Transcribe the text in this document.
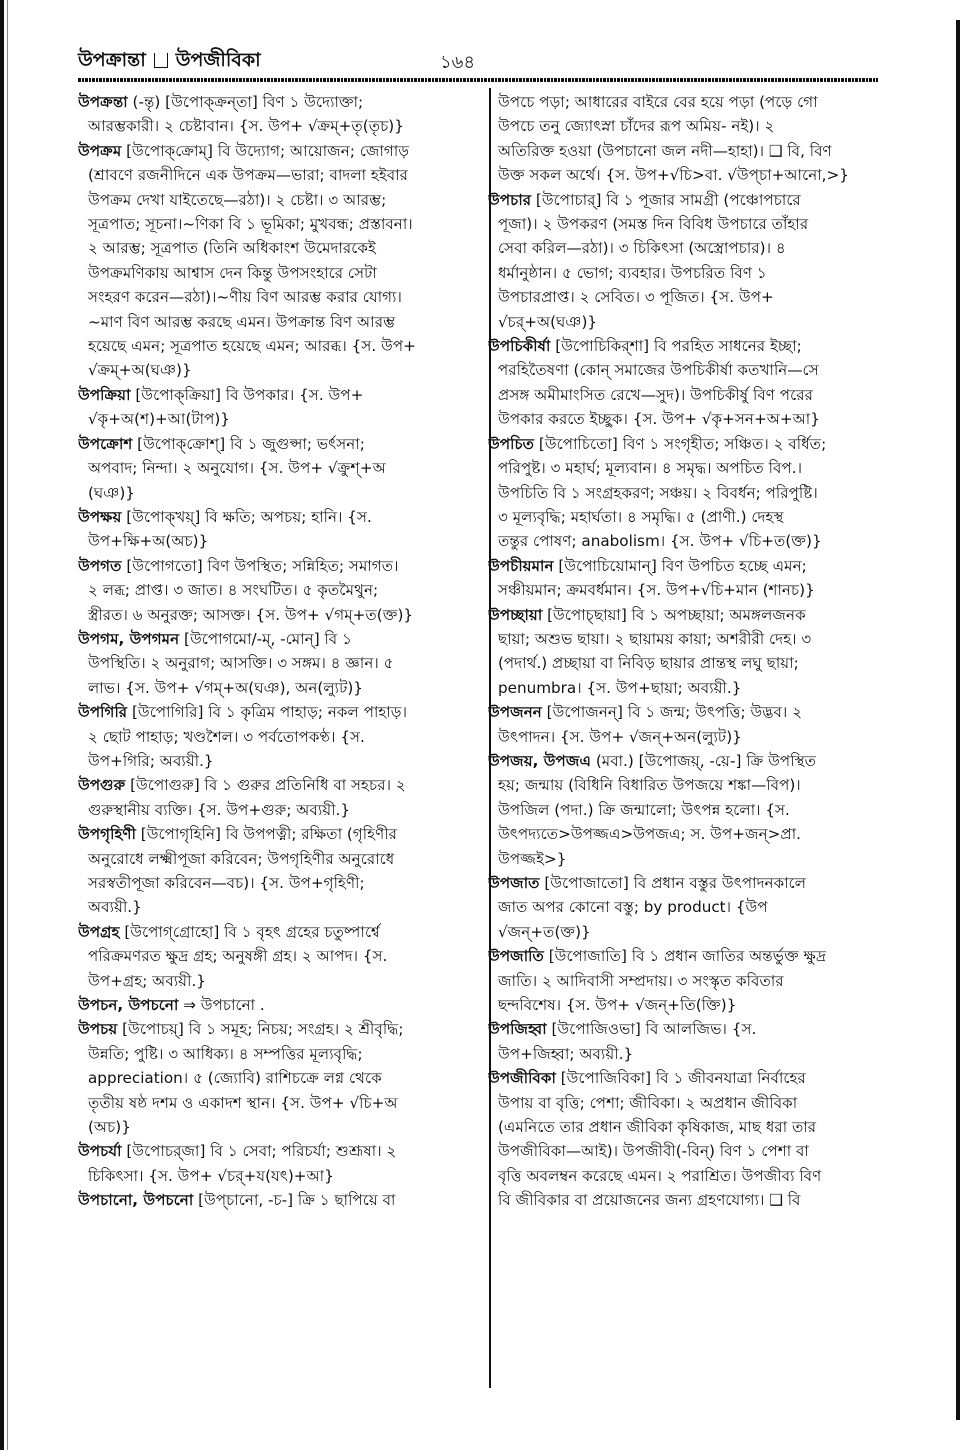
উপক্রান্তা উপজীবিকা	১৬৪
উপক্রন্তা (-ন্তৃ) [উপোক্‌ক্রন্‌তা] বিণ ১ উদ্যোক্তা;
আরম্ভকারী। ২ চেষ্টাবান। {স. উপ+ √ক্রম্‌+তৃ(তৃচ)}
উপক্রম [উপোক্‌ক্রোম্‌] বি উদ্যোগ; আয়োজন; জোগাড়
(শ্রাবণে রজনীদিনে এক উপক্রম—ভারা; বাদলা হইবার
উপক্রম দেখা যাইতেছে—রঠা)। ২ চেষ্টা। ৩ আরম্ভ;
সূত্রপাত; সূচনা।~ণিকা বি ১ ভূমিকা; মুখবন্ধ; প্রস্তাবনা।
২ আরম্ভ; সূত্রপাত (তিনি অধিকাংশ উমেদারকেই
উপক্রমণিকায় আশ্বাস দেন কিন্তু উপসংহারে সেটা
সংহরণ করেন—রঠা)।~ণীয় বিণ আরম্ভ করার যোগ্য।
~মাণ বিণ আরম্ভ করছে এমন। উপক্রান্ত বিণ আরম্ভ
হয়েছে এমন; সূত্রপাত হয়েছে এমন; আরব্ধ। {স. উপ+
√ক্রম্‌+অ(ঘঞ)}
উপক্রিয়া [উপোক্‌ক্রিয়া] বি উপকার। {স. উপ+
√কৃ+অ(শ)+আ(টাপ)}
উপক্রোশ [উপোক্‌ক্রোশ্‌] বি ১ জুগুপ্সা; ভর্ৎসনা;
অপবাদ; নিন্দা। ২ অনুযোগ। {স. উপ+ √ক্রুশ্‌+অ
(ঘঞ)}
উপক্ষয় [উপোক্‌খয়্‌] বি ক্ষতি; অপচয়; হানি। {স.
উপ+ক্ষি+অ(অচ)}
উপগত [উপোগতো] বিণ উপস্থিত; সন্নিহিত; সমাগত।
২ লব্ধ; প্রাপ্ত। ৩ জাত। ৪ সংঘটিত। ৫ কৃতমৈথুন;
স্ত্রীরত। ৬ অনুরক্ত; আসক্ত। {স. উপ+ √গম্‌+ত(ক্ত)}
উপগম, উপগমন [উপোগমো/-ম্‌, -মোন্‌] বি ১
উপস্থিতি। ২ অনুরাগ; আসক্তি। ৩ সঙ্গম। ৪ জ্ঞান। ৫
লাভ। {স. উপ+ √গম্‌+অ(ঘঞ), অন(ল্যুট)}
উপগিরি [উপোগিরি] বি ১ কৃত্রিম পাহাড়; নকল পাহাড়।
২ ছোট পাহাড়; খণ্ডশৈল। ৩ পর্বতোপকণ্ঠ। {স.
উপ+গিরি; অব্যয়ী.}
উপগুরু [উপোগুরু] বি ১ গুরুর প্রতিনিধি বা সহচর। ২
গুরুস্থানীয় ব্যক্তি। {স. উপ+গুরু; অব্যয়ী.}
উপগৃহিণী [উপোগৃহিনি] বি উপপত্নী; রক্ষিতা (গৃহিণীর
অনুরোধে লক্ষ্মীপূজা করিবেন; উপগৃহিণীর অনুরোধে
সরস্বতীপূজা করিবেন—বচ)। {স. উপ+গৃহিণী;
অব্যয়ী.}
উপগ্রহ [উপোগ্‌গ্রোহো] বি ১ বৃহৎ গ্রহের চতুষ্পার্শ্বে
পরিক্রমণরত ক্ষুদ্র গ্রহ; অনুষঙ্গী গ্রহ। ২ আপদ। {স.
উপ+গ্রহ; অব্যয়ী.}
উপচন, উপচনো ⇒ উপচানো .
উপচয় [উপোচয়্‌] বি ১ সমূহ; নিচয়; সংগ্রহ। ২ শ্রীবৃদ্ধি;
উন্নতি; পুষ্টি। ৩ আধিক্য। ৪ সম্পত্তির মূল্যবৃদ্ধি;
appreciation। ৫ (জ্যোবি) রাশিচক্রে লগ্ন থেকে
তৃতীয় ষষ্ঠ দশম ও একাদশ স্থান। {স. উপ+ √চি+অ
(অচ)}
উপচর্যা [উপোচর্‌জা] বি ১ সেবা; পরিচর্যা; শুশ্রূষা। ২
চিকিৎসা। {স. উপ+ √চর্‌+য(যৎ)+আ}
উপচানো, উপচনো [উপ্‌চানো, -চ-] ক্রি ১ ছাপিয়ে বা
উপচে পড়া; আধারের বাইরে বের হয়ে পড়া (পড়ে গো
উপচে তনু জ্যোৎস্না চাঁদের রূপ অমিয়- নই)। ২
অতিরিক্ত হওয়া (উপচানো জল নদী—হাহা)। ❑ বি, বিণ
উক্ত সকল অর্থে। {স. উপ+√চি>বা. √উপ্‌চা+আনো,>}
উপচার [উপোচার্‌] বি ১ পূজার সামগ্রী (পঞ্চোপচারে
পূজা)। ২ উপকরণ (সমস্ত দিন বিবিধ উপচারে তাঁহার
সেবা করিল—রঠা)। ৩ চিকিৎসা (অস্ত্রোপচার)। ৪
ধর্মানুষ্ঠান। ৫ ভোগ; ব্যবহার। উপচরিত বিণ ১
উপচারপ্রাপ্ত। ২ সেবিত। ৩ পূজিত। {স. উপ+
√চর্‌+অ(ঘঞ)}
উপচিকীর্ষা [উপোচিকির্‌শা] বি পরহিত সাধনের ইচ্ছা;
পরহিতৈষণা (কোন্‌ সমাজের উপচিকীর্ষা কতখানি—সে
প্রসঙ্গ অমীমাংসিত রেখে—সুদ)। উপচিকীর্ষু বিণ পরের
উপকার করতে ইচ্ছুক। {স. উপ+ √কৃ+সন+অ+আ}
উপচিত [উপোচিতো] বিণ ১ সংগৃহীত; সঞ্চিত। ২ বর্ধিত;
পরিপুষ্ট। ৩ মহার্ঘ; মূল্যবান। ৪ সমৃদ্ধ। অপচিত বিপ.।
উপচিতি বি ১ সংগ্রহকরণ; সঞ্চয়। ২ বিবর্ধন; পরিপুষ্টি।
৩ মূল্যবৃদ্ধি; মহার্ঘতা। ৪ সমৃদ্ধি। ৫ (প্রাণী.) দেহস্থ
তন্তুর পোষণ; anabolism। {স. উপ+ √চি+ত(ক্ত)}
উপচীয়মান [উপোচিয়োমান্‌] বিণ উপচিত হচ্ছে এমন;
সঞ্চীয়মান; ক্রমবর্ধমান। {স. উপ+√চি+মান (শানচ)}
উপচ্ছায়া [উপোচ্‌ছায়া] বি ১ অপচ্ছায়া; অমঙ্গলজনক
ছায়া; অশুভ ছায়া। ২ ছায়াময় কায়া; অশরীরী দেহ। ৩
(পদার্থ.) প্রচ্ছায়া বা নিবিড় ছায়ার প্রান্তস্থ লঘু ছায়া;
penumbra। {স. উপ+ছায়া; অব্যয়ী.}
উপজনন [উপোজনন্‌] বি ১ জন্ম; উৎপত্তি; উদ্ভব। ২
উৎপাদন। {স. উপ+ √জন্‌+অন(ল্যুট)}
উপজয়, উপজএ (মবা.) [উপোজয়্‌, -য়ে-] ক্রি উপস্থিত
হয়; জন্মায় (বিধিনি বিধারিত উপজয়ে শঙ্কা—বিপ)।
উপজিল (পদা.) ক্রি জন্মালো; উৎপন্ন হলো। {স.
উৎপদ্যতে>উপজ্জএ>উপজএ; স. উপ+জন্‌>প্রা.
উপজ্জই>}
উপজাত [উপোজাতো] বি প্রধান বস্তুর উৎপাদনকালে
জাত অপর কোনো বস্তু; by product। {উপ
√জন্‌+ত(ক্ত)}
উপজাতি [উপোজাতি] বি ১ প্রধান জাতির অন্তর্ভুক্ত ক্ষুদ্র
জাতি। ২ আদিবাসী সম্প্রদায়। ৩ সংস্কৃত কবিতার
ছন্দবিশেষ। {স. উপ+ √জন্‌+তি(ক্তি)}
উপজিহ্বা [উপোজিওভা] বি আলজিভ। {স.
উপ+জিহ্বা; অব্যয়ী.}
উপজীবিকা [উপোজিবিকা] বি ১ জীবনযাত্রা নির্বাহের
উপায় বা বৃত্তি; পেশা; জীবিকা। ২ অপ্রধান জীবিকা
(এমনিতে তার প্রধান জীবিকা কৃষিকাজ, মাছ ধরা তার
উপজীবিকা—আই)। উপজীবী(-বিন্‌) বিণ ১ পেশা বা
বৃত্তি অবলম্বন করেছে এমন। ২ পরাশ্রিত। উপজীব্য বিণ
বি জীবিকার বা প্রয়োজনের জন্য গ্রহণযোগ্য। ❑ বি
